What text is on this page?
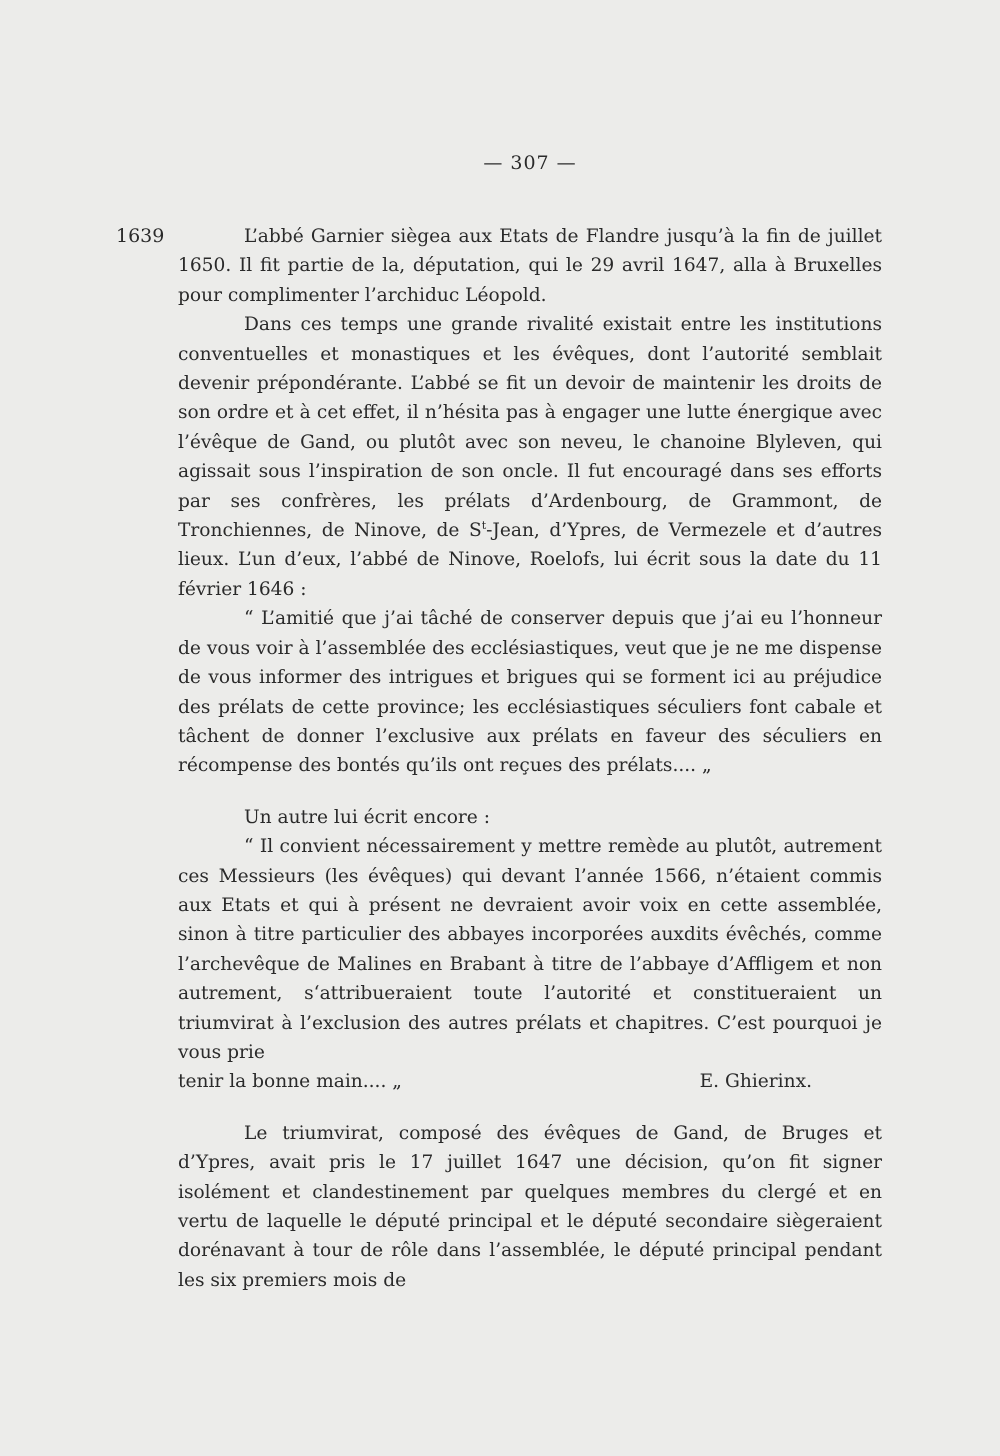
— 307 —
1639	L’abbé Garnier siègea aux Etats de Flandre jusqu’à la fin de juillet 1650. Il fit partie de la, députation, qui le 29 avril 1647, alla à Bruxelles pour complimenter l’archiduc Léopold.

Dans ces temps une grande rivalité existait entre les institutions conventuelles et monastiques et les évêques, dont l’autorité semblait devenir prépondérante. L’abbé se fit un devoir de maintenir les droits de son ordre et à cet effet, il n’hésita pas à engager une lutte énergique avec l’évêque de Gand, ou plutôt avec son neveu, le chanoine Blyleven, qui agissait sous l’inspiration de son oncle. Il fut encouragé dans ses efforts par ses confrères, les prélats d’Ardenbourg, de Grammont, de Tronchiennes, de Ninove, de $S^t$-Jean, d’Ypres, de Vermezele et d’autres lieux. L’un d’eux, l’abbé de Ninove, Roelofs, lui écrit sous la date du 11 février 1646 :

“ L’amitié que j’ai tâché de conserver depuis que j’ai eu l’honneur de vous voir à l’assemblée des ecclésiastiques, veut que je ne me dispense de vous informer des intrigues et brigues qui se forment ici au préjudice des prélats de cette province; les ecclésiastiques séculiers font cabale et tâchent de donner l’exclusive aux prélats en faveur des séculiers en récompense des bontés qu’ils ont reçues des prélats.... „

Un autre lui écrit encore :

“ Il convient nécessairement y mettre remède au plutôt, autrement ces Messieurs (les évêques) qui devant l’année 1566, n’étaient commis aux Etats et qui à présent ne devraient avoir voix en cette assemblée, sinon à titre particulier des abbayes incorporées auxdits évêchés, comme l’archevêque de Malines en Brabant à titre de l’abbaye d’Affligem et non autrement, s‘attribueraient toute l’autorité et constitueraient un triumvirat à l’exclusion des autres prélats et chapitres. C’est pourquoi je vous prie

tenir la bonne main.... „	E. Ghierinx.

Le triumvirat, composé des évêques de Gand, de Bruges et d’Ypres, avait pris le 17 juillet 1647 une décision, qu’on fit signer isolément et clandestinement par quelques membres du clergé et en vertu de laquelle le député principal et le député secondaire siègeraient dorénavant à tour de rôle dans l’assemblée, le député principal pendant les six premiers mois de
